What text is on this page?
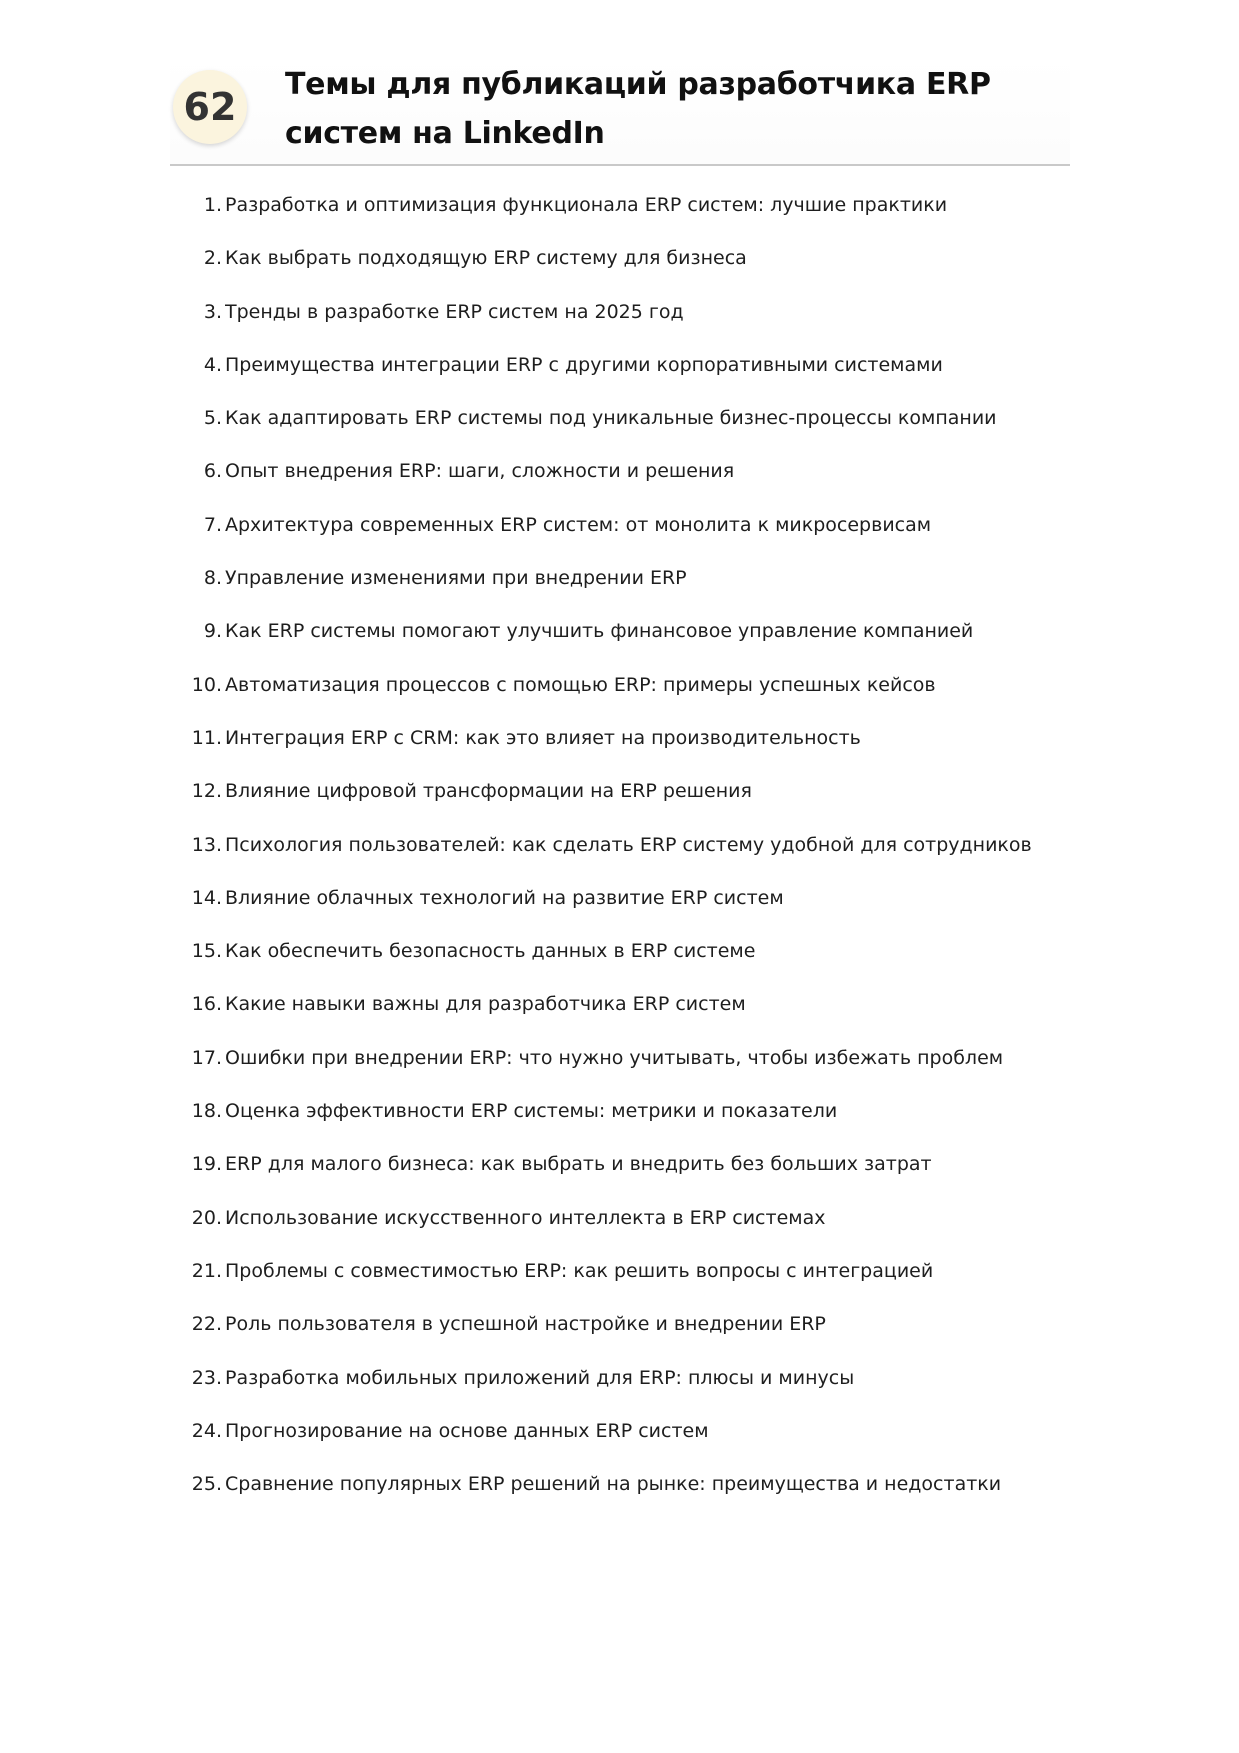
62
Темы для публикаций разработчика ERP систем на LinkedIn
1. Разработка и оптимизация функционала ERP систем: лучшие практики
2. Как выбрать подходящую ERP систему для бизнеса
3. Тренды в разработке ERP систем на 2025 год
4. Преимущества интеграции ERP с другими корпоративными системами
5. Как адаптировать ERP системы под уникальные бизнес-процессы компании
6. Опыт внедрения ERP: шаги, сложности и решения
7. Архитектура современных ERP систем: от монолита к микросервисам
8. Управление изменениями при внедрении ERP
9. Как ERP системы помогают улучшить финансовое управление компанией
10. Автоматизация процессов с помощью ERP: примеры успешных кейсов
11. Интеграция ERP с CRM: как это влияет на производительность
12. Влияние цифровой трансформации на ERP решения
13. Психология пользователей: как сделать ERP систему удобной для сотрудников
14. Влияние облачных технологий на развитие ERP систем
15. Как обеспечить безопасность данных в ERP системе
16. Какие навыки важны для разработчика ERP систем
17. Ошибки при внедрении ERP: что нужно учитывать, чтобы избежать проблем
18. Оценка эффективности ERP системы: метрики и показатели
19. ERP для малого бизнеса: как выбрать и внедрить без больших затрат
20. Использование искусственного интеллекта в ERP системах
21. Проблемы с совместимостью ERP: как решить вопросы с интеграцией
22. Роль пользователя в успешной настройке и внедрении ERP
23. Разработка мобильных приложений для ERP: плюсы и минусы
24. Прогнозирование на основе данных ERP систем
25. Сравнение популярных ERP решений на рынке: преимущества и недостатки
